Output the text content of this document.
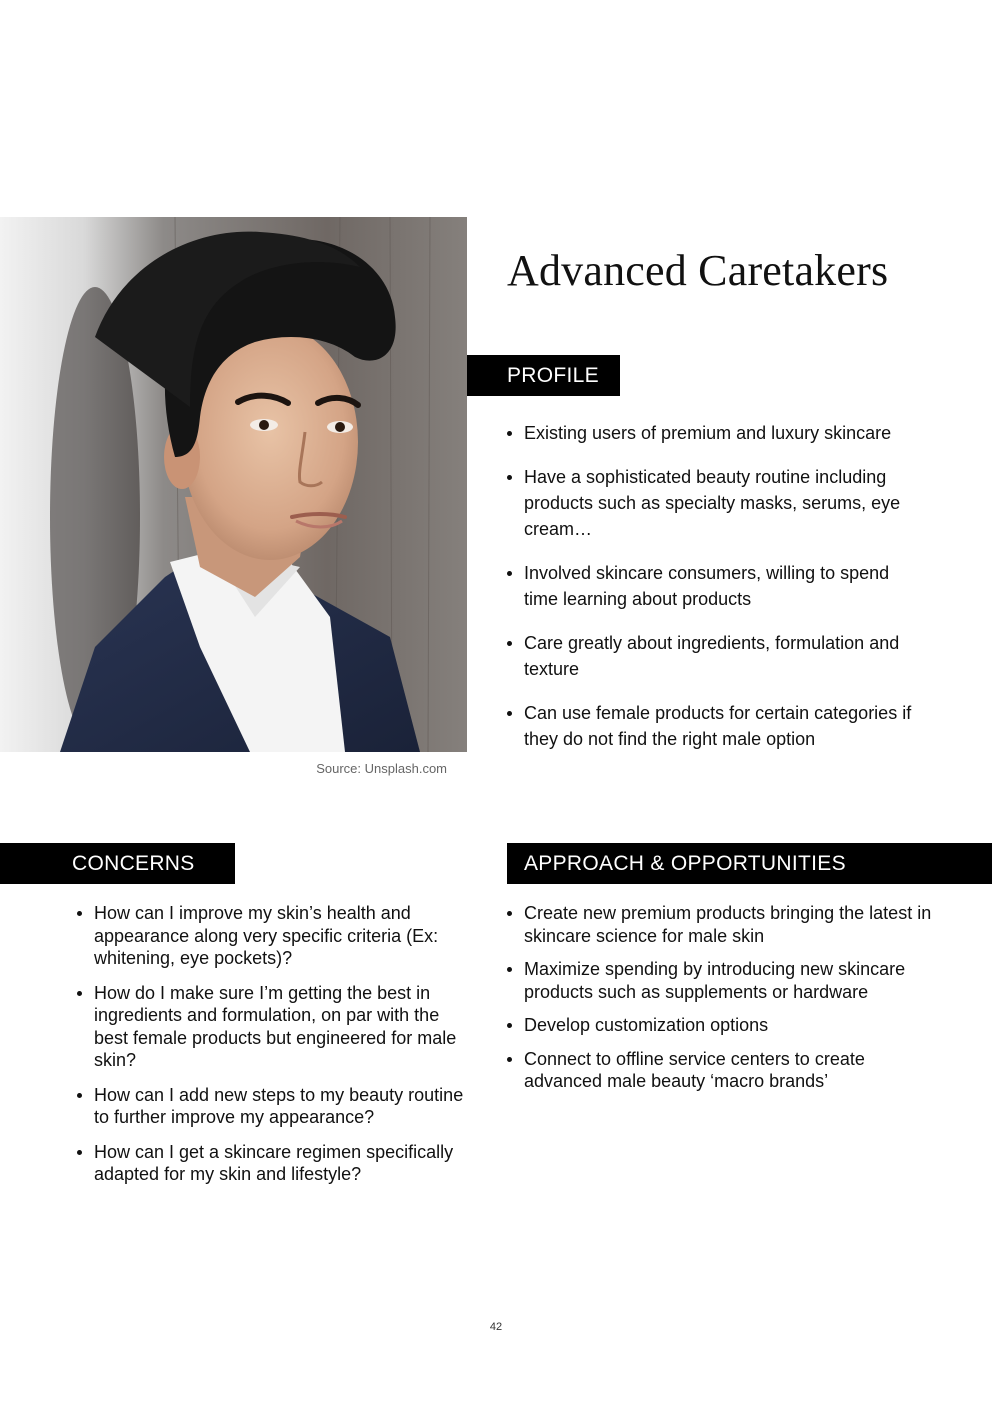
Source: Unsplash.com
Advanced Caretakers
PROFILE
Existing users of premium and luxury skincare
Have a sophisticated beauty routine including products such as specialty masks, serums, eye cream…
Involved skincare consumers, willing to spend time learning about products
Care greatly about ingredients, formulation and texture
Can use female products for certain categories if they do not find the right male option
CONCERNS
How can I improve my skin’s health and appearance along very specific criteria (Ex: whitening, eye pockets)?
How do I make sure I’m getting the best in ingredients and formulation, on par with the best female products but engineered for male skin?
How can I add new steps to my beauty routine to further improve my appearance?
How can I get a skincare regimen specifically adapted for my skin and lifestyle?
APPROACH & OPPORTUNITIES
Create new premium products bringing the latest in skincare science for male skin
Maximize spending by introducing new skincare products such as supplements or hardware
Develop customization options
Connect to offline service centers to create advanced male beauty ‘macro brands’
42
